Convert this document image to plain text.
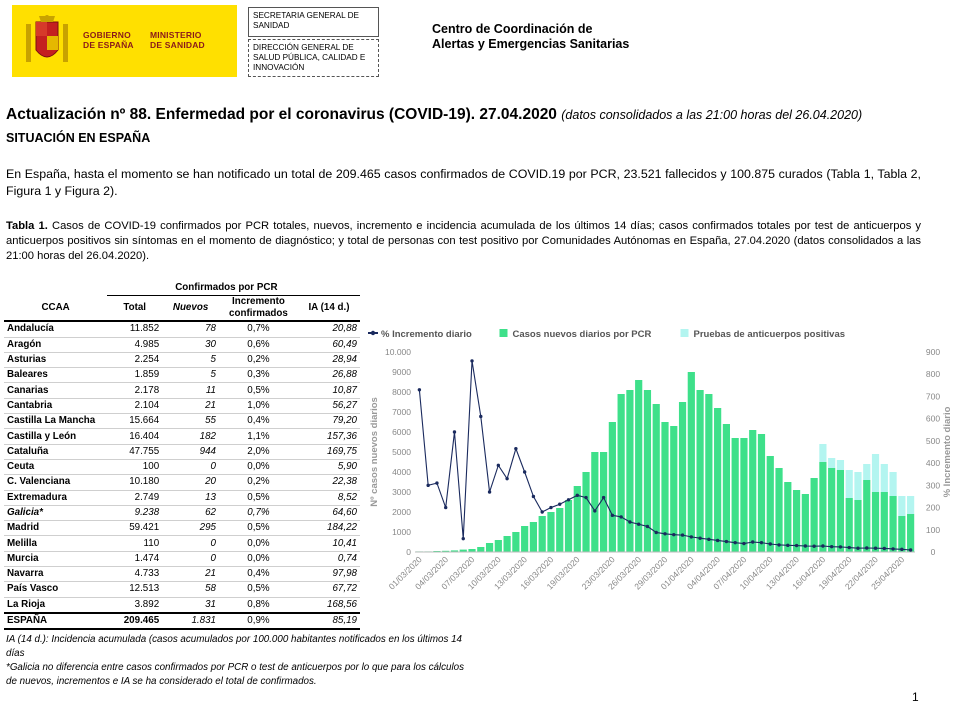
GOBIERNO
DE ESPAÑA
MINISTERIO
DE SANIDAD
SECRETARIA GENERAL DE SANIDAD
DIRECCIÓN GENERAL DE SALUD PÚBLICA, CALIDAD E INNOVACIÓN
Centro de Coordinación de Alertas y Emergencias Sanitarias
Actualización nº 88. Enfermedad por el coronavirus (COVID-19). 27.04.2020 (datos consolidados a las 21:00 horas del 26.04.2020)
SITUACIÓN EN ESPAÑA
En España, hasta el momento se han notificado un total de 209.465 casos confirmados de COVID.19 por PCR, 23.521 fallecidos y 100.875 curados (Tabla 1, Tabla 2, Figura 1 y Figura 2).
Tabla 1. Casos de COVID-19 confirmados por PCR totales, nuevos, incremento e incidencia acumulada de los últimos 14 días; casos confirmados totales por test de anticuerpos y anticuerpos positivos sin síntomas en el momento de diagnóstico; y total de personas con test positivo por Comunidades Autónomas en España, 27.04.2020 (datos consolidados a las 21:00 horas del 26.04.2020).
	Confirmados por PCR			
CCAA	Total	Nuevos	Incremento confirmados	IA (14 d.)
Andalucía	11.852	78	0,7%	20,88
Aragón	4.985	30	0,6%	60,49
Asturias	2.254	5	0,2%	28,94
Baleares	1.859	5	0,3%	26,88
Canarias	2.178	11	0,5%	10,87
Cantabria	2.104	21	1,0%	56,27
Castilla La Mancha	15.664	55	0,4%	79,20
Castilla y León	16.404	182	1,1%	157,36
Cataluña	47.755	944	2,0%	169,75
Ceuta	100	0	0,0%	5,90
C. Valenciana	10.180	20	0,2%	22,38
Extremadura	2.749	13	0,5%	8,52
Galicia*	9.238	62	0,7%	64,60
Madrid	59.421	295	0,5%	184,22
Melilla	110	0	0,0%	10,41
Murcia	1.474	0	0,0%	0,74
Navarra	4.733	21	0,4%	97,98
País Vasco	12.513	58	0,5%	67,72
La Rioja	3.892	31	0,8%	168,56
ESPAÑA	209.465	1.831	0,9%	85,19
% Incremento diario	Casos nuevos diarios por PCR	Pruebas de anticuerpos positivas
0
1000
2000
3000
4000
5000
6000
7000
8000
9000
10.000
0
100
200
300
400
500
600
700
800
900
Nº casos nuevos diarios	% Incremento diario
01/03/2020
04/03/2020
07/03/2020
10/03/2020
13/03/2020
16/03/2020
19/03/2020
23/03/2020
26/03/2020
29/03/2020
01/04/2020
04/04/2020
07/04/2020
10/04/2020
13/04/2020
16/04/2020
19/04/2020
22/04/2020
25/04/2020
IA (14 d.): Incidencia acumulada (casos acumulados por 100.000 habitantes notificados en los últimos 14 días
*Galicia no diferencia entre casos confirmados por PCR o test de anticuerpos por lo que para los cálculos de nuevos, incrementos e IA se ha considerado el total de confirmados.
1
